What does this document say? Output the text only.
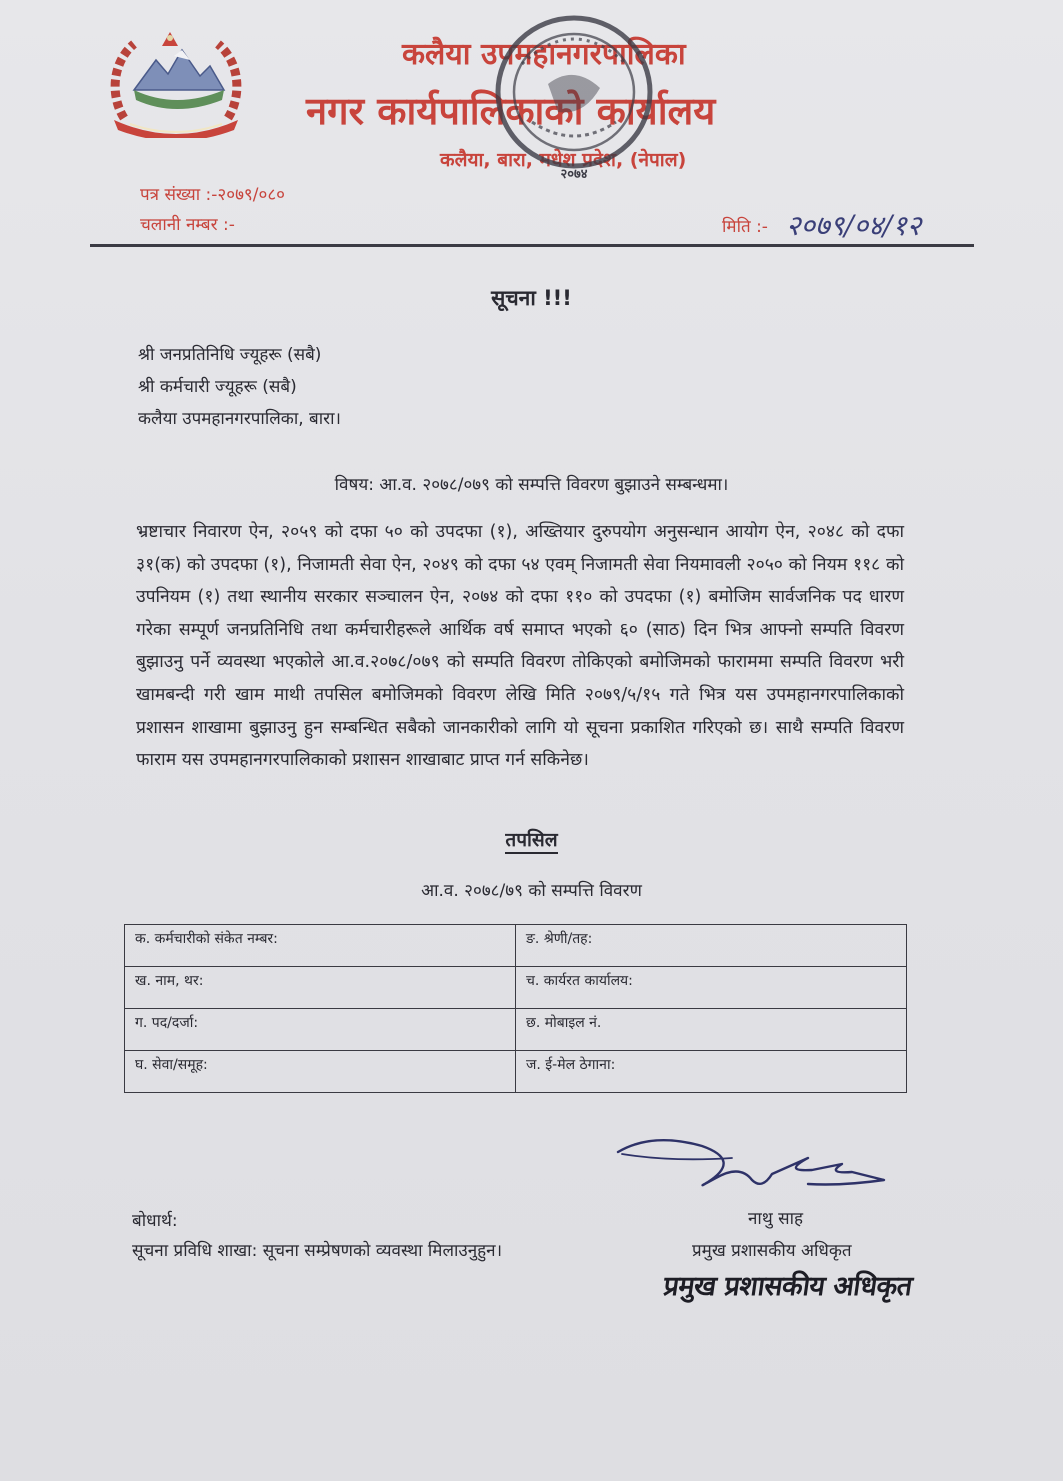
कलैया उपमहानगरपालिका
नगर कार्यपालिकाको कार्यालय
कलैया, बारा, मधेश प्रदेश, (नेपाल)
२०७४
पत्र संख्या :-२०७९/०८०
चलानी नम्बर :-	मिति :- २०७९/०४/१२
सूचना !!!
श्री जनप्रतिनिधि ज्यूहरू (सबै)
श्री कर्मचारी ज्यूहरू (सबै)
कलैया उपमहानगरपालिका, बारा।
विषय: आ.व. २०७८/०७९ को सम्पत्ति विवरण बुझाउने सम्बन्धमा।

भ्रष्टाचार निवारण ऐन, २०५९ को दफा ५० को उपदफा (१), अख्तियार दुरुपयोग अनुसन्धान आयोग ऐन, २०४८ को दफा ३१(क) को उपदफा (१), निजामती सेवा ऐन, २०४९ को दफा ५४ एवम् निजामती सेवा नियमावली २०५० को नियम ११८ को उपनियम (१) तथा स्थानीय सरकार सञ्चालन ऐन, २०७४ को दफा ११० को उपदफा (१) बमोजिम सार्वजनिक पद धारण गरेका सम्पूर्ण जनप्रतिनिधि तथा कर्मचारीहरूले आर्थिक वर्ष समाप्त भएको ६० (साठ) दिन भित्र आफ्नो सम्पति विवरण बुझाउनु पर्ने व्यवस्था भएकोले आ.व.२०७८/०७९ को सम्पति विवरण तोकिएको बमोजिमको फाराममा सम्पति विवरण भरी खामबन्दी गरी खाम माथी तपसिल बमोजिमको विवरण लेखि मिति २०७९/५/१५ गते भित्र यस उपमहानगरपालिकाको प्रशासन शाखामा बुझाउनु हुन सम्बन्धित सबैको जानकारीको लागि यो सूचना प्रकाशित गरिएको छ। साथै सम्पति विवरण फाराम यस उपमहानगरपालिकाको प्रशासन शाखाबाट प्राप्त गर्न सकिनेछ।

तपसिल
आ.व. २०७८/७९ को सम्पत्ति विवरण
क. कर्मचारीको संकेत नम्बर:	ङ. श्रेणी/तह:
ख. नाम, थर:	च. कार्यरत कार्यालय:
ग. पद/दर्जा:	छ. मोबाइल नं.
घ. सेवा/समूह:	ज. ई-मेल ठेगाना:
नाथु साह
प्रमुख प्रशासकीय अधिकृत
प्रमुख प्रशासकीय अधिकृत
बोधार्थ:
सूचना प्रविधि शाखा: सूचना सम्प्रेषणको व्यवस्था मिलाउनुहुन।
